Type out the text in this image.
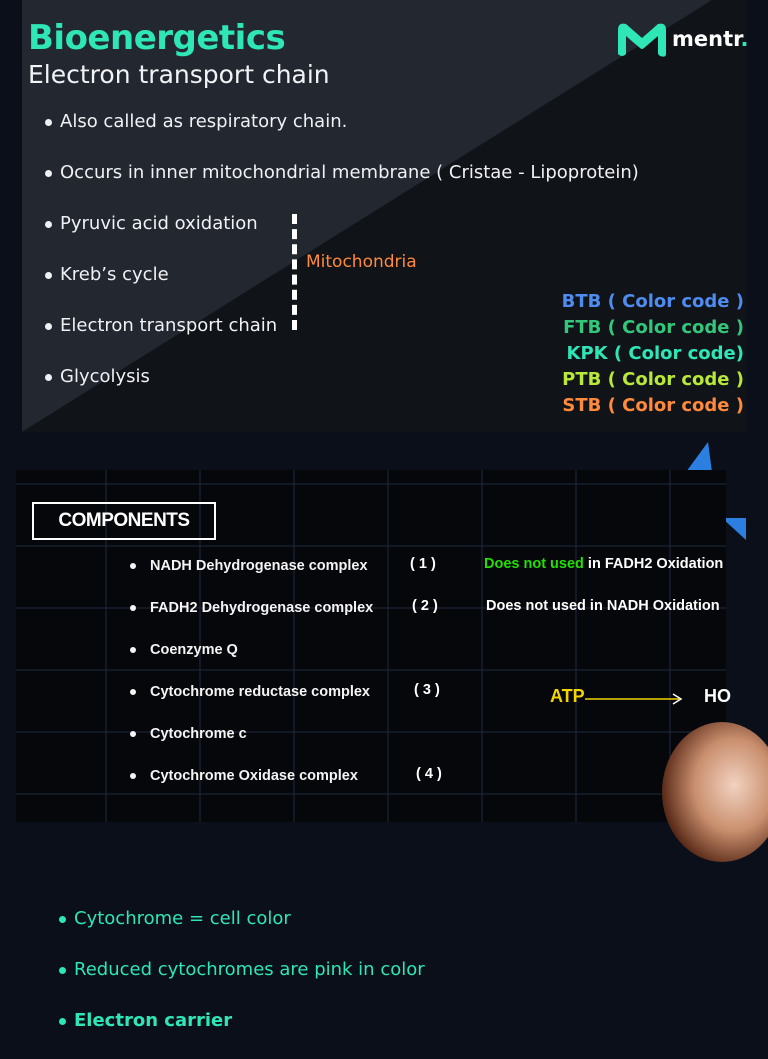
Bioenergetics
Electron transport chain
mentr.
Also called as respiratory chain.
Occurs in inner mitochondrial membrane ( Cristae - Lipoprotein)
Pyruvic acid oxidation
Kreb’s cycle
Electron transport chain
Glycolysis
Mitochondria
BTB ( Color code )
FTB ( Color code )
KPK ( Color code)
PTB ( Color code )
STB ( Color code )
COMPONENTS
NADH Dehydrogenase complex
FADH2 Dehydrogenase complex
Coenzyme Q
Cytochrome reductase complex
Cytochrome c
Cytochrome Oxidase complex
( 1 )
( 2 )
( 3 )
( 4 )
Does not used in FADH2 Oxidation
Does not used in NADH Oxidation
ATP	HO
Cytochrome = cell color
Reduced cytochromes are pink in color
Electron carrier
